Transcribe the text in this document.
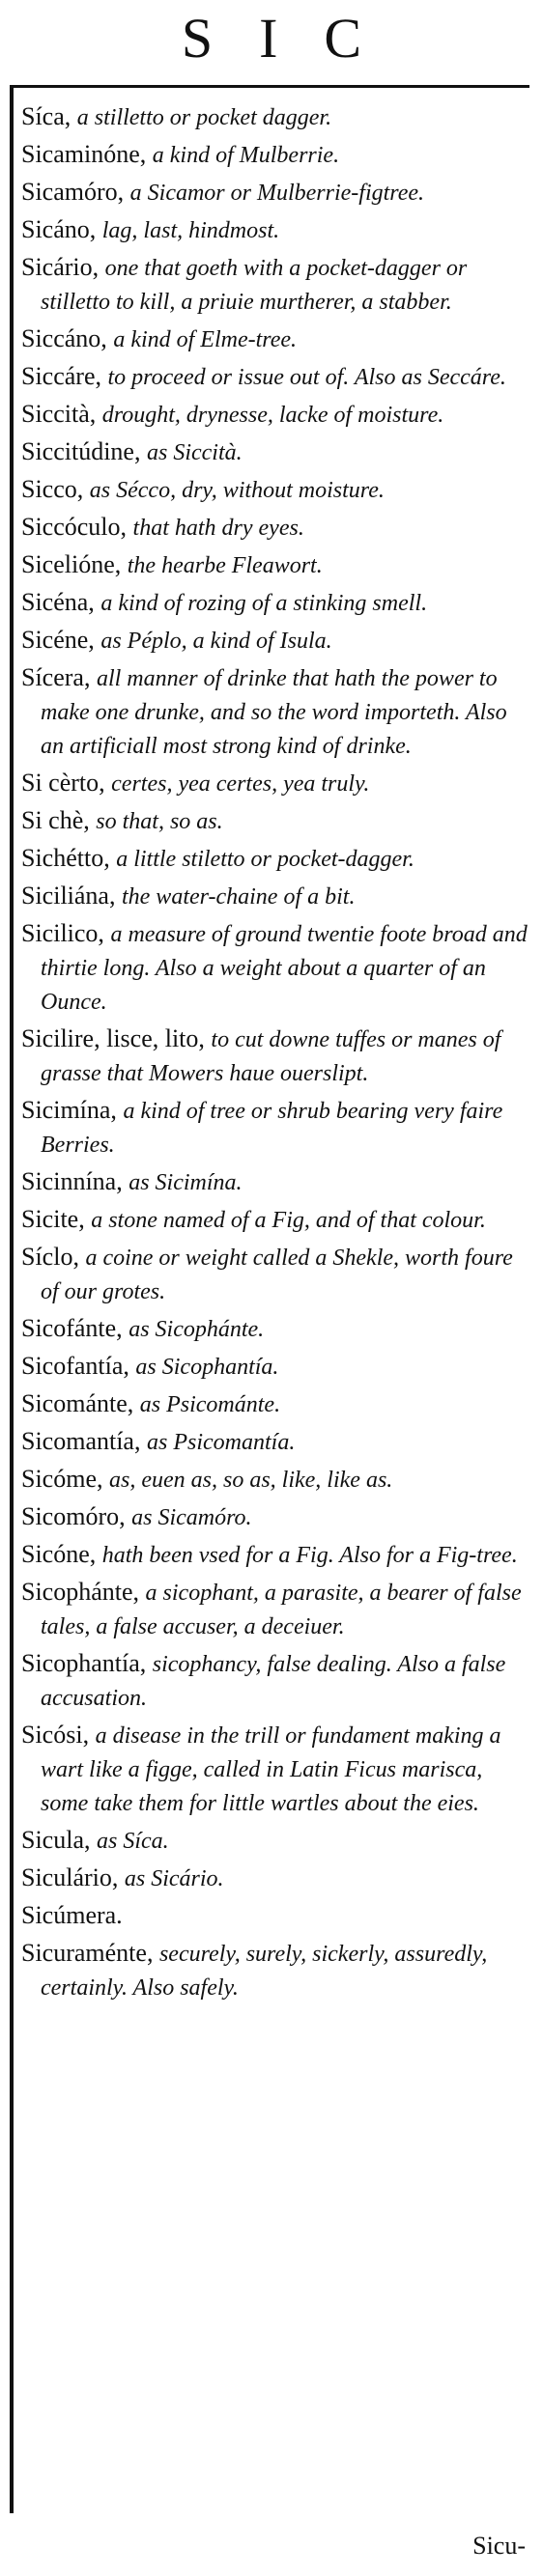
SIC
Síca, a stilletto or pocket dagger.
Sicaminóne, a kind of Mulberrie.
Sicamóro, a Sicamor or Mulberrie-figtree.
Sicáno, lag, last, hindmost.
Sicário, one that goeth with a pocket-dagger or stilletto to kill, a priuie murtherer, a stabber.
Siccáno, a kind of Elme-tree.
Siccáre, to proceed or issue out of. Also as Seccáre.
Siccità, drought, drynesse, lacke of moisture.
Siccitúdine, as Siccità.
Sicco, as Sécco, dry, without moisture.
Siccóculo, that hath dry eyes.
Sicelióne, the hearbe Fleawort.
Sicéna, a kind of rozing of a stinking smell.
Sicéne, as Péplo, a kind of Isula.
Sícera, all manner of drinke that hath the power to make one drunke, and so the word importeth. Also an artificiall most strong kind of drinke.
Si cèrto, certes, yea certes, yea truly.
Si chè, so that, so as.
Sichétto, a little stiletto or pocket-dagger.
Siciliána, the water-chaine of a bit.
Sicilico, a measure of ground twentie foote broad and thirtie long. Also a weight about a quarter of an Ounce.
Sicilire, lisce, lito, to cut downe tuffes or manes of grasse that Mowers haue ouerslipt.
Sicimína, a kind of tree or shrub bearing very faire Berries.
Sicinnína, as Sicimína.
Sicite, a stone named of a Fig, and of that colour.
Síclo, a coine or weight called a Shekle, worth foure of our grotes.
Sicofánte, as Sicophánte.
Sicofantía, as Sicophantía.
Sicománte, as Psicománte.
Sicomantía, as Psicomantía.
Sicóme, as, euen as, so as, like, like as.
Sicomóro, as Sicamóro.
Sicóne, hath been vsed for a Fig. Also for a Fig-tree.
Sicophánte, a sicophant, a parasite, a bearer of false tales, a false accuser, a deceiuer.
Sicophantía, sicophancy, false dealing. Also a false accusation.
Sicósi, a disease in the trill or fundament making a wart like a figge, called in Latin Ficus marisca, some take them for little wartles about the eies.
Sicula, as Síca.
Siculário, as Sicário.
Sicúmera.
Sicuraménte, securely, surely, sickerly, assuredly, certainly. Also safely.
Sicu-
